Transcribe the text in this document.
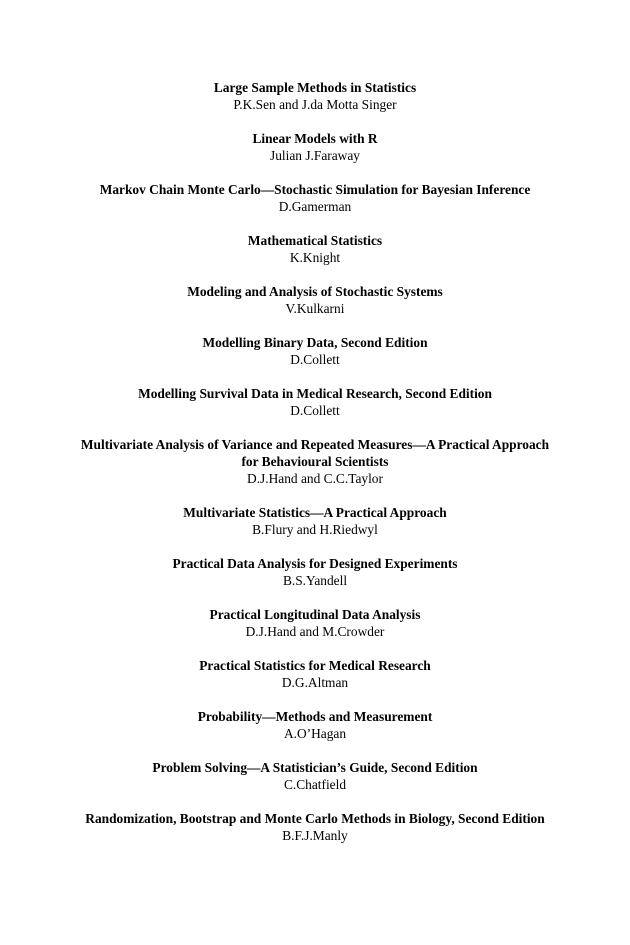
Large Sample Methods in Statistics
P.K.Sen and J.da Motta Singer
Linear Models with R
Julian J.Faraway
Markov Chain Monte Carlo—Stochastic Simulation for Bayesian Inference
D.Gamerman
Mathematical Statistics
K.Knight
Modeling and Analysis of Stochastic Systems
V.Kulkarni
Modelling Binary Data, Second Edition
D.Collett
Modelling Survival Data in Medical Research, Second Edition
D.Collett
Multivariate Analysis of Variance and Repeated Measures—A Practical Approach
for Behavioural Scientists
D.J.Hand and C.C.Taylor
Multivariate Statistics—A Practical Approach
B.Flury and H.Riedwyl
Practical Data Analysis for Designed Experiments
B.S.Yandell
Practical Longitudinal Data Analysis
D.J.Hand and M.Crowder
Practical Statistics for Medical Research
D.G.Altman
Probability—Methods and Measurement
A.O’Hagan
Problem Solving—A Statistician’s Guide, Second Edition
C.Chatfield
Randomization, Bootstrap and Monte Carlo Methods in Biology, Second Edition
B.F.J.Manly
